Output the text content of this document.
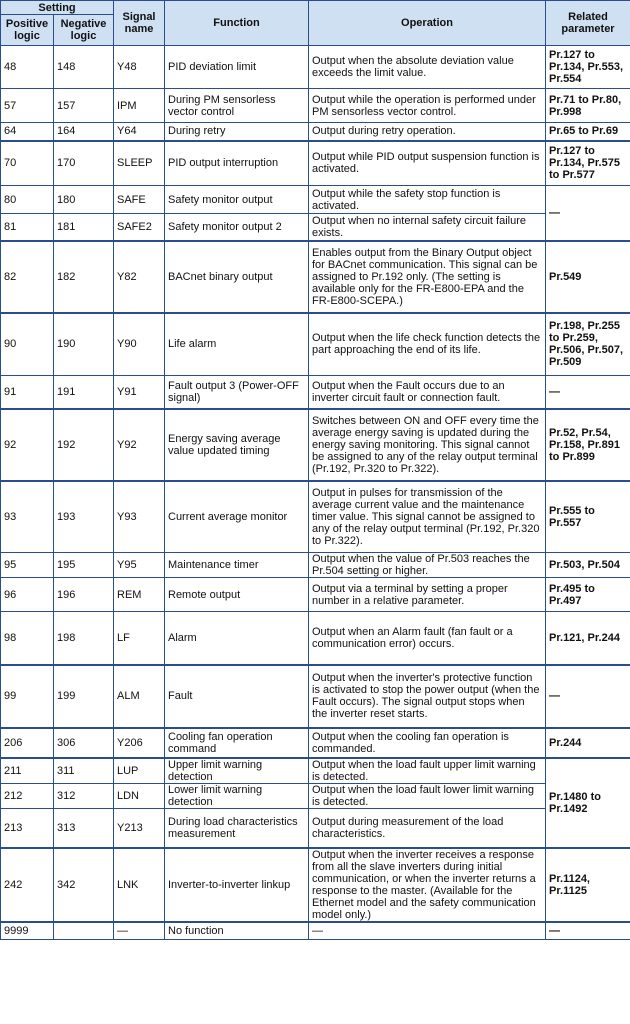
Setting		Signal name	Function	Operation	Related parameter
Positive logic	Negative logic				
48	148	Y48	PID deviation limit	Output when the absolute deviation value exceeds the limit value.	Pr.127 to Pr.134, Pr.553, Pr.554
57	157	IPM	During PM sensorless vector control	Output while the operation is performed under PM sensorless vector control.	Pr.71 to Pr.80, Pr.998
64	164	Y64	During retry	Output during retry operation.	Pr.65 to Pr.69
70	170	SLEEP	PID output interruption	Output while PID output suspension function is activated.	Pr.127 to Pr.134, Pr.575 to Pr.577
80	180	SAFE	Safety monitor output	Output while the safety stop function is activated.	—
81	181	SAFE2	Safety monitor output 2	Output when no internal safety circuit failure exists.	
82	182	Y82	BACnet binary output	Enables output from the Binary Output object for BACnet communication. This signal can be assigned to Pr.192 only. (The setting is available only for the FR-E800-EPA and the FR-E800-SCEPA.)	Pr.549
90	190	Y90	Life alarm	Output when the life check function detects the part approaching the end of its life.	Pr.198, Pr.255 to Pr.259, Pr.506, Pr.507, Pr.509
91	191	Y91	Fault output 3 (Power-OFF signal)	Output when the Fault occurs due to an inverter circuit fault or connection fault.	—
92	192	Y92	Energy saving average value updated timing	Switches between ON and OFF every time the average energy saving is updated during the energy saving monitoring. This signal cannot be assigned to any of the relay output terminal (Pr.192, Pr.320 to Pr.322).	Pr.52, Pr.54, Pr.158, Pr.891 to Pr.899
93	193	Y93	Current average monitor	Output in pulses for transmission of the average current value and the maintenance timer value. This signal cannot be assigned to any of the relay output terminal (Pr.192, Pr.320 to Pr.322).	Pr.555 to Pr.557
95	195	Y95	Maintenance timer	Output when the value of Pr.503 reaches the Pr.504 setting or higher.	Pr.503, Pr.504
96	196	REM	Remote output	Output via a terminal by setting a proper number in a relative parameter.	Pr.495 to Pr.497
98	198	LF	Alarm	Output when an Alarm fault (fan fault or a communication error) occurs.	Pr.121, Pr.244
99	199	ALM	Fault	Output when the inverter's protective function is activated to stop the power output (when the Fault occurs). The signal output stops when the inverter reset starts.	—
206	306	Y206	Cooling fan operation command	Output when the cooling fan operation is commanded.	Pr.244
211	311	LUP	Upper limit warning detection	Output when the load fault upper limit warning is detected.	Pr.1480 to Pr.1492
212	312	LDN	Lower limit warning detection	Output when the load fault lower limit warning is detected.	
213	313	Y213	During load characteristics measurement	Output during measurement of the load characteristics.	
242	342	LNK	Inverter-to-inverter linkup	Output when the inverter receives a response from all the slave inverters during initial communication, or when the inverter returns a response to the master. (Available for the Ethernet model and the safety communication model only.)	Pr.1124, Pr.1125
9999		—	No function	—	—
